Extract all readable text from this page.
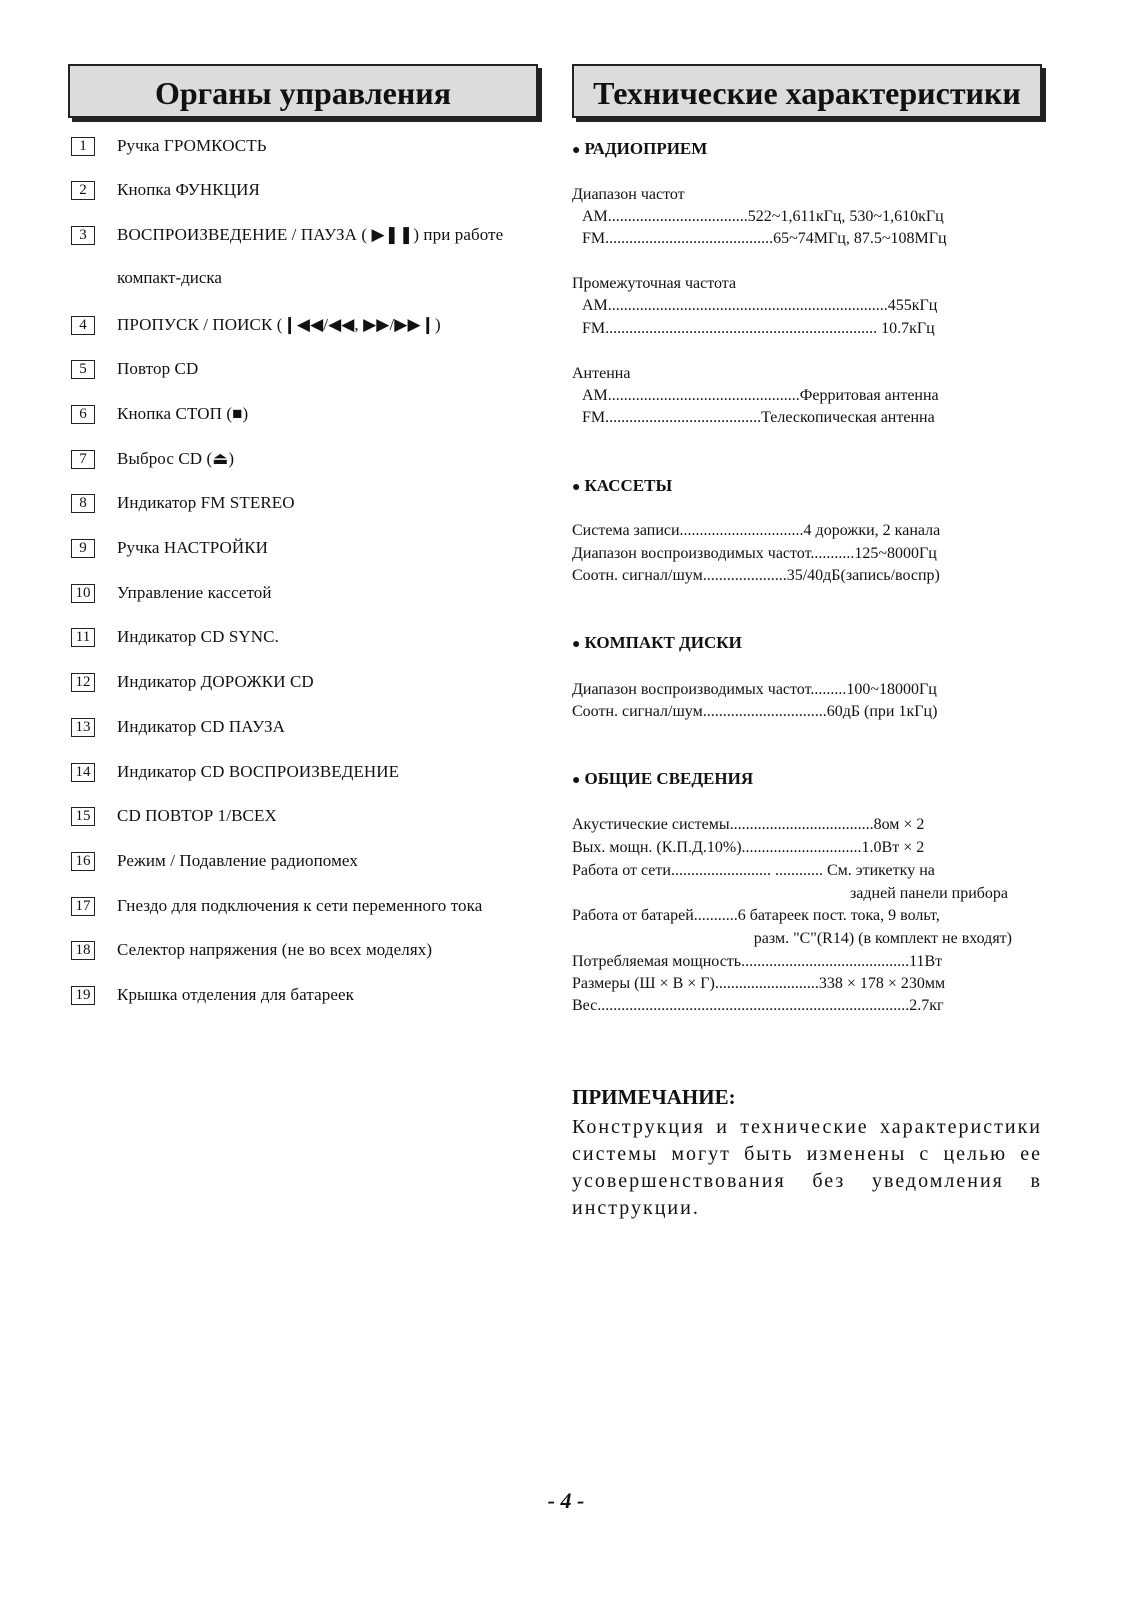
Органы управления	Технические характеристики
1	Ручка ГРОМКОСТЬ
2	Кнопка ФУНКЦИЯ
3	ВОСПРОИЗВЕДЕНИЕ / ПАУЗА ( ▶❚❚) при работе
компакт-диска
4	ПРОПУСК / ПОИСК (❙◀◀/◀◀, ▶▶/▶▶❙)
5	Повтор CD
6	Кнопка СТОП (■)
7	Выброс CD (⏏)
8	Индикатор FM STEREO
9	Ручка НАСТРОЙКИ
10 Управление кассетой
11 Индикатор CD SYNC.
12 Индикатор ДОРОЖКИ CD
13 Индикатор CD ПАУЗА
14 Индикатор CD ВОСПРОИЗВЕДЕНИЕ
15 CD ПОВТОР 1/ВСЕХ
16 Режим / Подавление радиопомех
17 Гнездо для подключения к сети переменного тока
18 Селектор напряжения (не во всех моделях)
19 Крышка отделения для батареек
● РАДИОПРИЕМ
Диапазон частот
AM...................................522~1,611кГц, 530~1,610кГц
FM..........................................65~74МГц, 87.5~108МГц
Промежуточная частота
AM......................................................................455кГц
FM.................................................................... 10.7кГц
Антенна
AM................................................Ферритовая антенна
FM.......................................Телескопическая антенна
● КАССЕТЫ
Система записи...............................4 дорожки, 2 канала
Диапазон воспроизводимых частот...........125~8000Гц
Соотн. сигнал/шум.....................35/40дБ(запись/воспр)
● КОМПАКТ ДИСКИ
Диапазон воспроизводимых частот.........100~18000Гц
Соотн. сигнал/шум...............................60дБ (при 1кГц)
● ОБЩИЕ СВЕДЕНИЯ
Акустические системы....................................8ом × 2
Вых. мощн. (К.П.Д.10%)..............................1.0Вт × 2
Работа от сети......................... ............ См. этикетку на
задней панели прибора
Работа от батарей...........6 батареек пост. тока, 9 вольт,
разм. "C"(R14) (в комплект не входят)
Потребляемая мощность..........................................11Вт
Размеры (Ш × В × Г)..........................338 × 178 × 230мм
Вес..............................................................................2.7кг
ПРИМЕЧАНИЕ:
Конструкция и технические характеристики системы могут быть изменены с целью ее усовершенствования без уведомления в инструкции.
- 4 -
